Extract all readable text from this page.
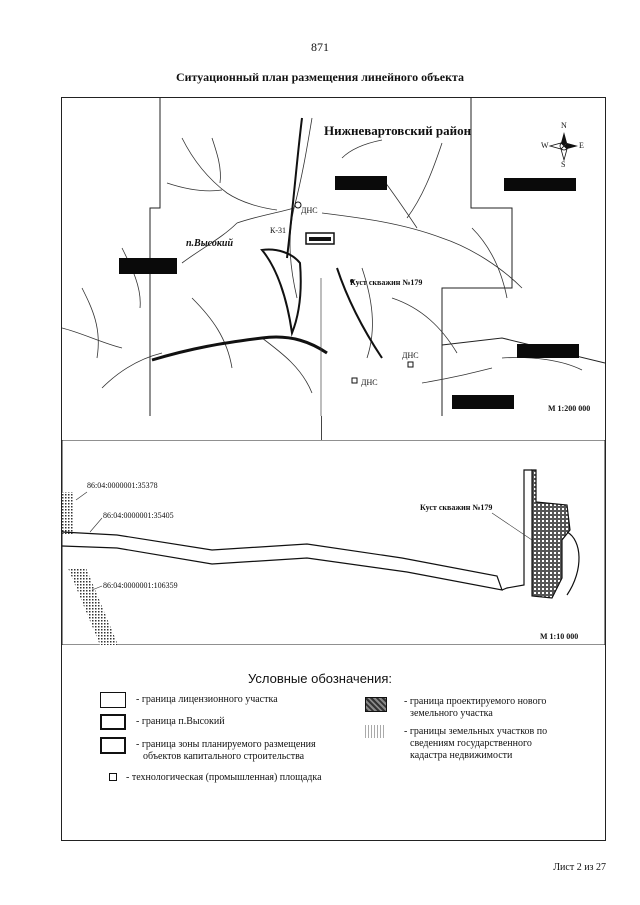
871
Ситуационный план размещения линейного объекта
Нижневартовский район	N
S
W	E
п.Высокий
К-31
ДНС
ДНС
ДНС
Куст скважин №179
М 1:200 000
86:04:0000001:35378
86:04:0000001:35405
86:04:0000001:106359
Куст скважин №179
М 1:10 000
Условные обозначения:
- граница лицензионного участка
- граница п.Высокий
- граница зоны планируемого размещения
объектов капитального строительства
- технологическая (промышленная) площадка
- граница проектируемого нового
земельного участка
- границы земельных участков по
сведениям государственного
кадастра недвижимости
Лист 2 из 27
